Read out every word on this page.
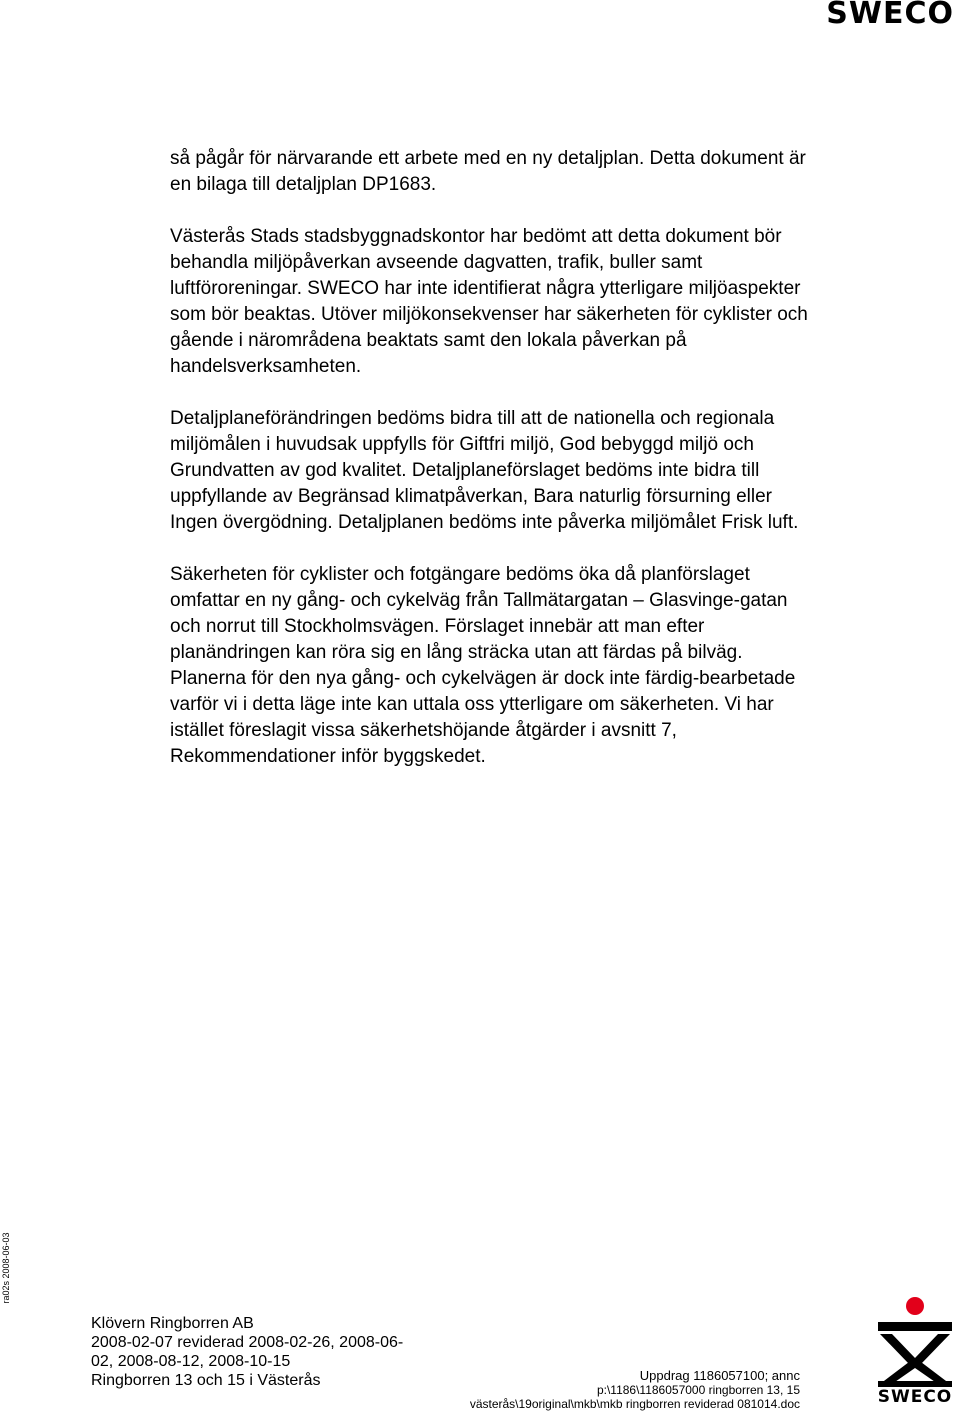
SWECO

så pågår för närvarande ett arbete med en ny detaljplan. Detta dokument är en bilaga till detaljplan DP1683.

Västerås Stads stadsbyggnadskontor har bedömt att detta dokument bör behandla miljöpåverkan avseende dagvatten, trafik, buller samt luftföroreningar. SWECO har inte identifierat några ytterligare miljöaspekter som bör beaktas. Utöver miljökonsekvenser har säkerheten för cyklister och gående i närområdena beaktats samt den lokala påverkan på handelsverksamheten.

Detaljplaneförändringen bedöms bidra till att de nationella och regionala miljömålen i huvudsak uppfylls för Giftfri miljö, God bebyggd miljö och Grundvatten av god kvalitet. Detaljplaneförslaget bedöms inte bidra till uppfyllande av Begränsad klimatpåverkan, Bara naturlig försurning eller Ingen övergödning. Detaljplanen bedöms inte påverka miljömålet Frisk luft.

Säkerheten för cyklister och fotgängare bedöms öka då planförslaget omfattar en ny gång- och cykelväg från Tallmätargatan – Glasvinge-gatan och norrut till Stockholmsvägen. Förslaget innebär att man efter planändringen kan röra sig en lång sträcka utan att färdas på bilväg. Planerna för den nya gång- och cykelvägen är dock inte färdig-bearbetade varför vi i detta läge inte kan uttala oss ytterligare om säkerheten. Vi har istället föreslagit vissa säkerhetshöjande åtgärder i avsnitt 7, Rekommendationer inför byggskedet.

ra02s 2008-06-03
Klövern Ringborren AB
2008-02-07 reviderad 2008-02-26, 2008-06-
02, 2008-08-12, 2008-10-15
Ringborren 13 och 15 i Västerås	Uppdrag 1186057100; annc
p:\1186\1186057000 ringborren 13, 15
västerås\19original\mkb\mkb ringborren reviderad 081014.doc	SWECO
